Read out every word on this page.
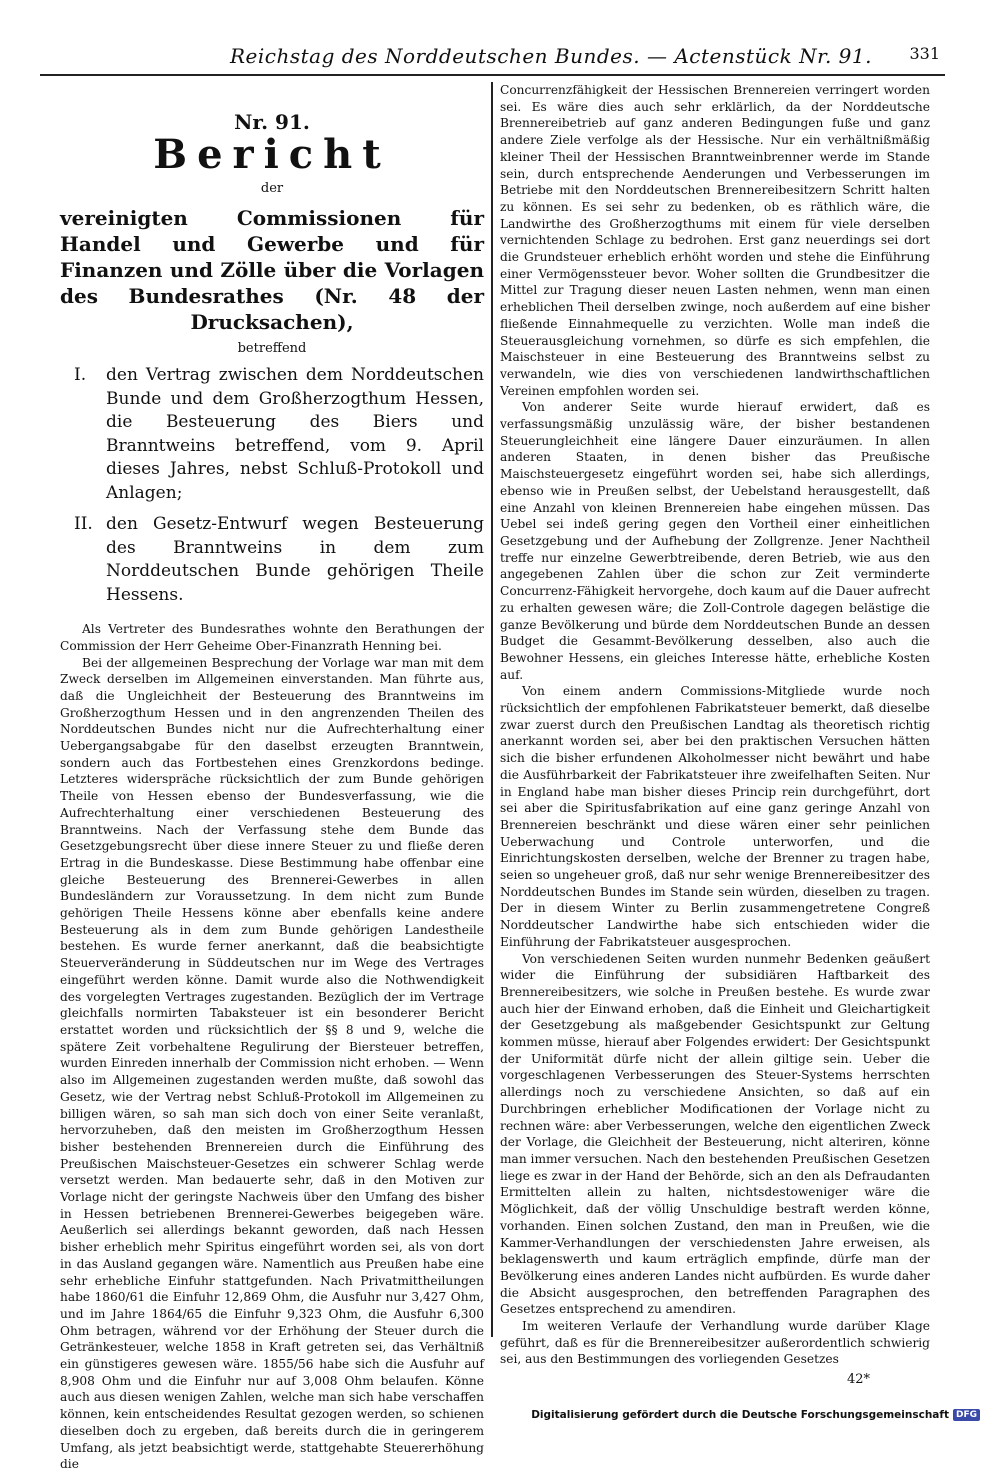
Reichstag des Norddeutschen Bundes. — Actenstück Nr. 91. 331
Nr. 91.
Bericht
der
vereinigten Commissionen für Handel und Gewerbe und für Finanzen und Zölle über die Vorlagen des Bundesrathes (Nr. 48 der Drucksachen),
betreffend
I.	den Vertrag zwischen dem Norddeutschen Bunde und dem Großherzogthum Hessen, die Besteuerung des Biers und Branntweins betreffend, vom 9. April dieses Jahres, nebst Schluß-Protokoll und Anlagen;
II. den Gesetz-Entwurf wegen Besteuerung des Branntweins in dem zum Norddeutschen Bunde gehörigen Theile Hessens.

Als Vertreter des Bundesrathes wohnte den Berathungen der Commission der Herr Geheime Ober-Finanzrath Henning bei.

Bei der allgemeinen Besprechung der Vorlage war man mit dem Zweck derselben im Allgemeinen einverstanden. Man führte aus, daß die Ungleichheit der Besteuerung des Branntweins im Großherzogthum Hessen und in den angrenzenden Theilen des Norddeutschen Bundes nicht nur die Aufrechterhaltung einer Uebergangsabgabe für den daselbst erzeugten Branntwein, sondern auch das Fortbestehen eines Grenzkordons bedinge. Letzteres widerspräche rücksichtlich der zum Bunde gehörigen Theile von Hessen ebenso der Bundesverfassung, wie die Aufrechterhaltung einer verschiedenen Besteuerung des Branntweins. Nach der Verfassung stehe dem Bunde das Gesetzgebungsrecht über diese innere Steuer zu und fließe deren Ertrag in die Bundeskasse. Diese Bestimmung habe offenbar eine gleiche Besteuerung des Brennerei-Gewerbes in allen Bundesländern zur Voraussetzung. In dem nicht zum Bunde gehörigen Theile Hessens könne aber ebenfalls keine andere Besteuerung als in dem zum Bunde gehörigen Landestheile bestehen. Es wurde ferner anerkannt, daß die beabsichtigte Steuerveränderung in Süddeutschen nur im Wege des Vertrages eingeführt werden könne. Damit wurde also die Nothwendigkeit des vorgelegten Vertrages zugestanden. Bezüglich der im Vertrage gleichfalls normirten Tabaksteuer ist ein besonderer Bericht erstattet worden und rücksichtlich der §§ 8 und 9, welche die spätere Zeit vorbehaltene Regulirung der Biersteuer betreffen, wurden Einreden innerhalb der Commission nicht erhoben. — Wenn also im Allgemeinen zugestanden werden mußte, daß sowohl das Gesetz, wie der Vertrag nebst Schluß-Protokoll im Allgemeinen zu billigen wären, so sah man sich doch von einer Seite veranlaßt, hervorzuheben, daß den meisten im Großherzogthum Hessen bisher bestehenden Brennereien durch die Einführung des Preußischen Maischsteuer-Gesetzes ein schwerer Schlag werde versetzt werden. Man bedauerte sehr, daß in den Motiven zur Vorlage nicht der geringste Nachweis über den Umfang des bisher in Hessen betriebenen Brennerei-Gewerbes beigegeben wäre. Aeußerlich sei allerdings bekannt geworden, daß nach Hessen bisher erheblich mehr Spiritus eingeführt worden sei, als von dort in das Ausland gegangen wäre. Namentlich aus Preußen habe eine sehr erhebliche Einfuhr stattgefunden. Nach Privatmittheilungen habe 1860/61 die Einfuhr 12,869 Ohm, die Ausfuhr nur 3,427 Ohm, und im Jahre 1864/65 die Einfuhr 9,323 Ohm, die Ausfuhr 6,300 Ohm betragen, während vor der Erhöhung der Steuer durch die Getränkesteuer, welche 1858 in Kraft getreten sei, das Verhältniß ein günstigeres gewesen wäre. 1855/56 habe sich die Ausfuhr auf 8,908 Ohm und die Einfuhr nur auf 3,008 Ohm belaufen. Könne auch aus diesen wenigen Zahlen, welche man sich habe verschaffen können, kein entscheidendes Resultat gezogen werden, so schienen dieselben doch zu ergeben, daß bereits durch die in geringerem Umfang, als jetzt beabsichtigt werde, stattgehabte Steuererhöhung die

Concurrenzfähigkeit der Hessischen Brennereien verringert worden sei. Es wäre dies auch sehr erklärlich, da der Norddeutsche Brennereibetrieb auf ganz anderen Bedingungen fuße und ganz andere Ziele verfolge als der Hessische. Nur ein verhältnißmäßig kleiner Theil der Hessischen Branntweinbrenner werde im Stande sein, durch entsprechende Aenderungen und Verbesserungen im Betriebe mit den Norddeutschen Brennereibesitzern Schritt halten zu können. Es sei sehr zu bedenken, ob es räthlich wäre, die Landwirthe des Großherzogthums mit einem für viele derselben vernichtenden Schlage zu bedrohen. Erst ganz neuerdings sei dort die Grundsteuer erheblich erhöht worden und stehe die Einführung einer Vermögenssteuer bevor. Woher sollten die Grundbesitzer die Mittel zur Tragung dieser neuen Lasten nehmen, wenn man einen erheblichen Theil derselben zwinge, noch außerdem auf eine bisher fließende Einnahmequelle zu verzichten. Wolle man indeß die Steuerausgleichung vornehmen, so dürfe es sich empfehlen, die Maischsteuer in eine Besteuerung des Branntweins selbst zu verwandeln, wie dies von verschiedenen landwirthschaftlichen Vereinen empfohlen worden sei.

Von anderer Seite wurde hierauf erwidert, daß es verfassungsmäßig unzulässig wäre, der bisher bestandenen Steuerungleichheit eine längere Dauer einzuräumen. In allen anderen Staaten, in denen bisher das Preußische Maischsteuergesetz eingeführt worden sei, habe sich allerdings, ebenso wie in Preußen selbst, der Uebelstand herausgestellt, daß eine Anzahl von kleinen Brennereien habe eingehen müssen. Das Uebel sei indeß gering gegen den Vortheil einer einheitlichen Gesetzgebung und der Aufhebung der Zollgrenze. Jener Nachtheil treffe nur einzelne Gewerbtreibende, deren Betrieb, wie aus den angegebenen Zahlen über die schon zur Zeit verminderte Concurrenz-Fähigkeit hervorgehe, doch kaum auf die Dauer aufrecht zu erhalten gewesen wäre; die Zoll-Controle dagegen belästige die ganze Bevölkerung und bürde dem Norddeutschen Bunde an dessen Budget die Gesammt-Bevölkerung desselben, also auch die Bewohner Hessens, ein gleiches Interesse hätte, erhebliche Kosten auf.

Von einem andern Commissions-Mitgliede wurde noch rücksichtlich der empfohlenen Fabrikatsteuer bemerkt, daß dieselbe zwar zuerst durch den Preußischen Landtag als theoretisch richtig anerkannt worden sei, aber bei den praktischen Versuchen hätten sich die bisher erfundenen Alkoholmesser nicht bewährt und habe die Ausführbarkeit der Fabrikatsteuer ihre zweifelhaften Seiten. Nur in England habe man bisher dieses Princip rein durchgeführt, dort sei aber die Spiritusfabrikation auf eine ganz geringe Anzahl von Brennereien beschränkt und diese wären einer sehr peinlichen Ueberwachung und Controle unterworfen, und die Einrichtungskosten derselben, welche der Brenner zu tragen habe, seien so ungeheuer groß, daß nur sehr wenige Brennereibesitzer des Norddeutschen Bundes im Stande sein würden, dieselben zu tragen. Der in diesem Winter zu Berlin zusammengetretene Congreß Norddeutscher Landwirthe habe sich entschieden wider die Einführung der Fabrikatsteuer ausgesprochen.

Von verschiedenen Seiten wurden nunmehr Bedenken geäußert wider die Einführung der subsidiären Haftbarkeit des Brennereibesitzers, wie solche in Preußen bestehe. Es wurde zwar auch hier der Einwand erhoben, daß die Einheit und Gleichartigkeit der Gesetzgebung als maßgebender Gesichtspunkt zur Geltung kommen müsse, hierauf aber Folgendes erwidert: Der Gesichtspunkt der Uniformität dürfe nicht der allein giltige sein. Ueber die vorgeschlagenen Verbesserungen des Steuer-Systems herrschten allerdings noch zu verschiedene Ansichten, so daß auf ein Durchbringen erheblicher Modificationen der Vorlage nicht zu rechnen wäre: aber Verbesserungen, welche den eigentlichen Zweck der Vorlage, die Gleichheit der Besteuerung, nicht alteriren, könne man immer versuchen. Nach den bestehenden Preußischen Gesetzen liege es zwar in der Hand der Behörde, sich an den als Defraudanten Ermittelten allein zu halten, nichtsdestoweniger wäre die Möglichkeit, daß der völlig Unschuldige bestraft werden könne, vorhanden. Einen solchen Zustand, den man in Preußen, wie die Kammer-Verhandlungen der verschiedensten Jahre erweisen, als beklagenswerth und kaum erträglich empfinde, dürfe man der Bevölkerung eines anderen Landes nicht aufbürden. Es wurde daher die Absicht ausgesprochen, den betreffenden Paragraphen des Gesetzes entsprechend zu amendiren.

Im weiteren Verlaufe der Verhandlung wurde darüber Klage geführt, daß es für die Brennereibesitzer außerordentlich schwierig sei, aus den Bestimmungen des vorliegenden Gesetzes

42*
Digitalisierung gefördert durch die Deutsche Forschungsgemeinschaft DFG
